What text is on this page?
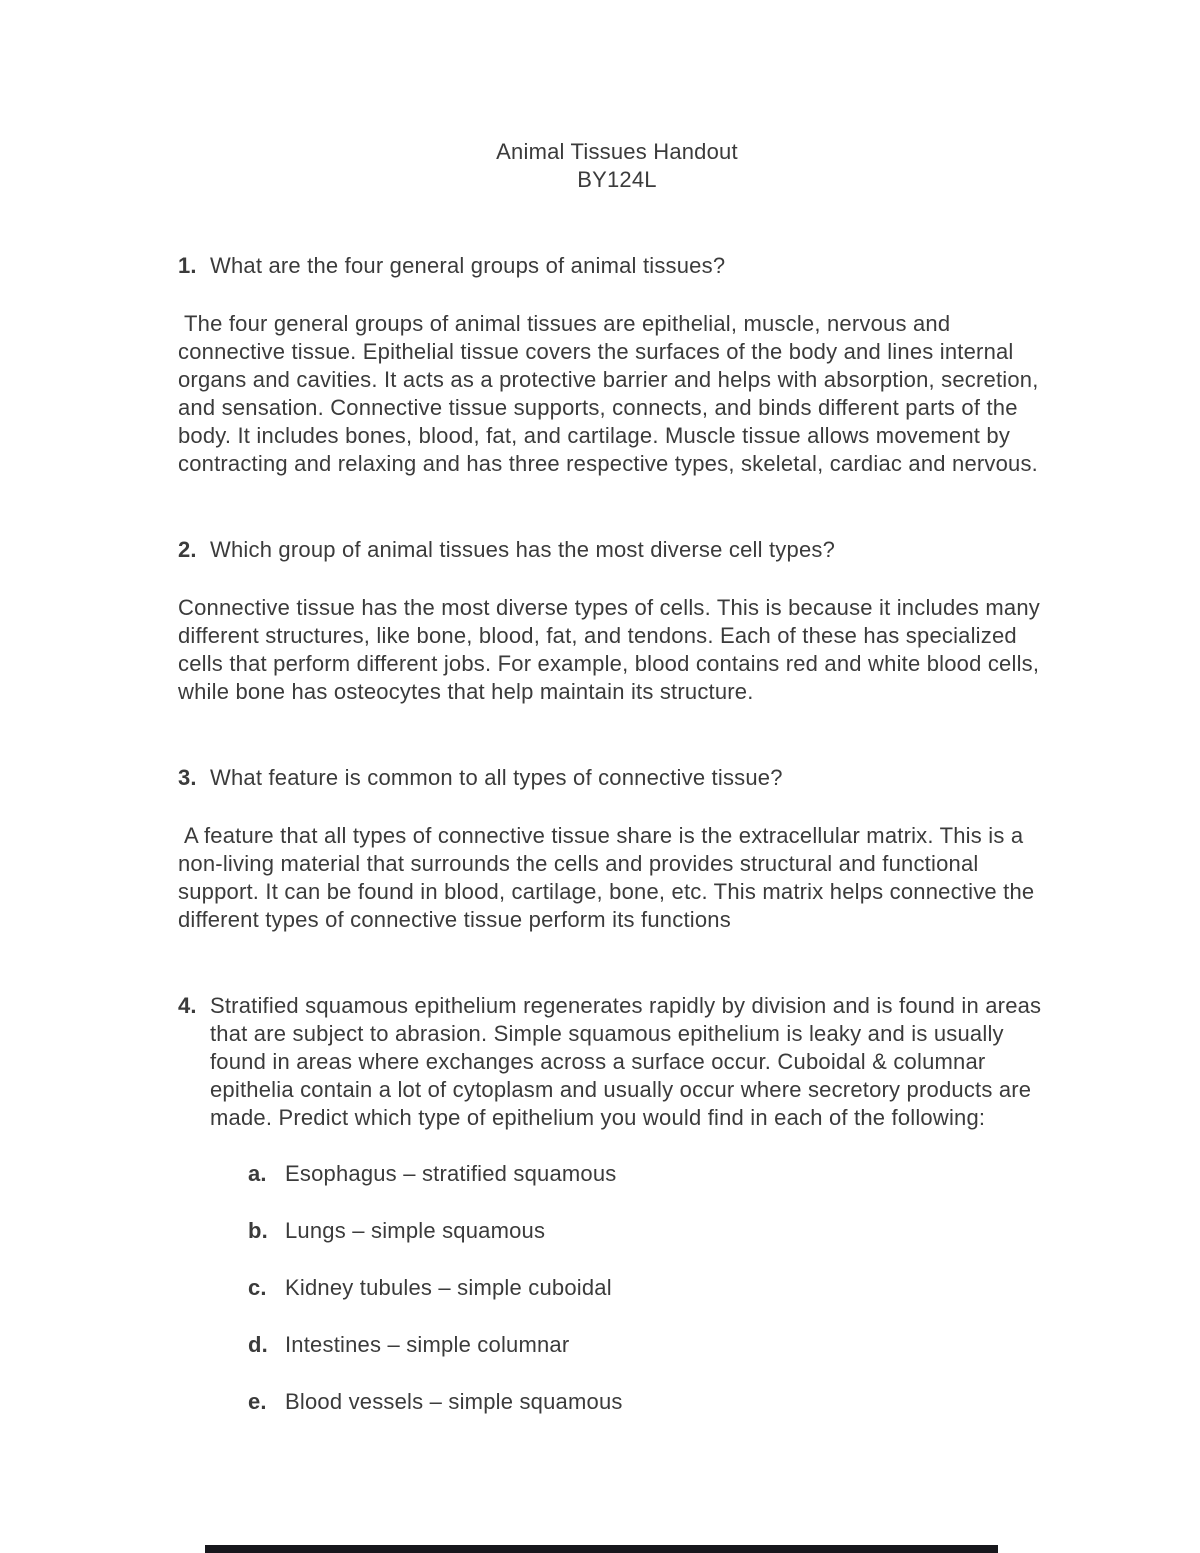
Animal Tissues Handout
BY124L
1. What are the four general groups of animal tissues?

The four general groups of animal tissues are epithelial, muscle, nervous and connective tissue. Epithelial tissue covers the surfaces of the body and lines internal organs and cavities. It acts as a protective barrier and helps with absorption, secretion, and sensation. Connective tissue supports, connects, and binds different parts of the body. It includes bones, blood, fat, and cartilage. Muscle tissue allows movement by contracting and relaxing and has three respective types, skeletal, cardiac and nervous.

2. Which group of animal tissues has the most diverse cell types?

Connective tissue has the most diverse types of cells. This is because it includes many different structures, like bone, blood, fat, and tendons. Each of these has specialized cells that perform different jobs. For example, blood contains red and white blood cells, while bone has osteocytes that help maintain its structure.

3. What feature is common to all types of connective tissue?

A feature that all types of connective tissue share is the extracellular matrix. This is a non-living material that surrounds the cells and provides structural and functional support. It can be found in blood, cartilage, bone, etc. This matrix helps connective the different types of connective tissue perform its functions

4. Stratified squamous epithelium regenerates rapidly by division and is found in areas that are subject to abrasion. Simple squamous epithelium is leaky and is usually found in areas where exchanges across a surface occur. Cuboidal & columnar epithelia contain a lot of cytoplasm and usually occur where secretory products are made. Predict which type of epithelium you would find in each of the following:
a. Esophagus – stratified squamous
b. Lungs – simple squamous
c. Kidney tubules – simple cuboidal
d. Intestines – simple columnar
e. Blood vessels – simple squamous
